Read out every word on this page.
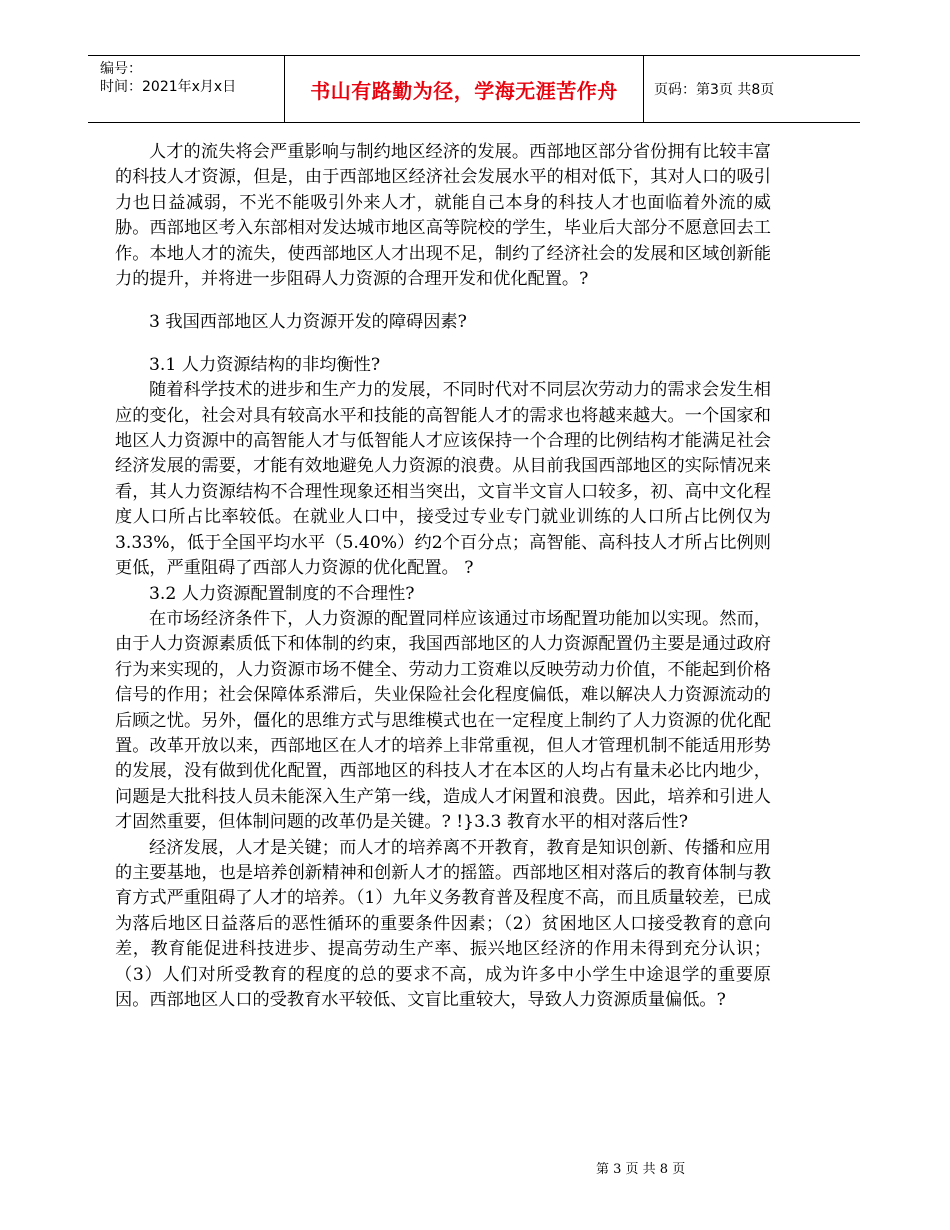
编号：
时间：2021年x月x日	书山有路勤为径，学海无涯苦作舟	页码：第3页 共8页

人才的流失将会严重影响与制约地区经济的发展。西部地区部分省份拥有比较丰富的科技人才资源，但是，由于西部地区经济社会发展水平的相对低下，其对人口的吸引力也日益减弱，不光不能吸引外来人才，就能自己本身的科技人才也面临着外流的威胁。西部地区考入东部相对发达城市地区高等院校的学生，毕业后大部分不愿意回去工作。本地人才的流失，使西部地区人才出现不足，制约了经济社会的发展和区域创新能力的提升，并将进一步阻碍人力资源的合理开发和优化配置。?

3 我国西部地区人力资源开发的障碍因素?

3.1 人力资源结构的非均衡性?

随着科学技术的进步和生产力的发展，不同时代对不同层次劳动力的需求会发生相应的变化，社会对具有较高水平和技能的高智能人才的需求也将越来越大。一个国家和地区人力资源中的高智能人才与低智能人才应该保持一个合理的比例结构才能满足社会经济发展的需要，才能有效地避免人力资源的浪费。从目前我国西部地区的实际情况来看，其人力资源结构不合理性现象还相当突出，文盲半文盲人口较多，初、高中文化程度人口所占比率较低。在就业人口中，接受过专业专门就业训练的人口所占比例仅为3.33%，低于全国平均水平（5.40%）约2个百分点；高智能、高科技人才所占比例则更低，严重阻碍了西部人力资源的优化配置。 ?

3.2 人力资源配置制度的不合理性?

在市场经济条件下，人力资源的配置同样应该通过市场配置功能加以实现。然而，由于人力资源素质低下和体制的约束，我国西部地区的人力资源配置仍主要是通过政府行为来实现的，人力资源市场不健全、劳动力工资难以反映劳动力价值，不能起到价格信号的作用；社会保障体系滞后，失业保险社会化程度偏低，难以解决人力资源流动的后顾之忧。另外，僵化的思维方式与思维模式也在一定程度上制约了人力资源的优化配置。改革开放以来，西部地区在人才的培养上非常重视，但人才管理机制不能适用形势的发展，没有做到优化配置，西部地区的科技人才在本区的人均占有量未必比内地少，问题是大批科技人员未能深入生产第一线，造成人才闲置和浪费。因此，培养和引进人才固然重要，但体制问题的改革仍是关键。? !}3.3 教育水平的相对落后性?

经济发展，人才是关键；而人才的培养离不开教育，教育是知识创新、传播和应用的主要基地，也是培养创新精神和创新人才的摇篮。西部地区相对落后的教育体制与教育方式严重阻碍了人才的培养。（1）九年义务教育普及程度不高，而且质量较差，已成为落后地区日益落后的恶性循环的重要条件因素；（2）贫困地区人口接受教育的意向差，教育能促进科技进步、提高劳动生产率、振兴地区经济的作用未得到充分认识；（3）人们对所受教育的程度的总的要求不高，成为许多中小学生中途退学的重要原因。西部地区人口的受教育水平较低、文盲比重较大，导致人力资源质量偏低。?

第 3 页 共 8 页
